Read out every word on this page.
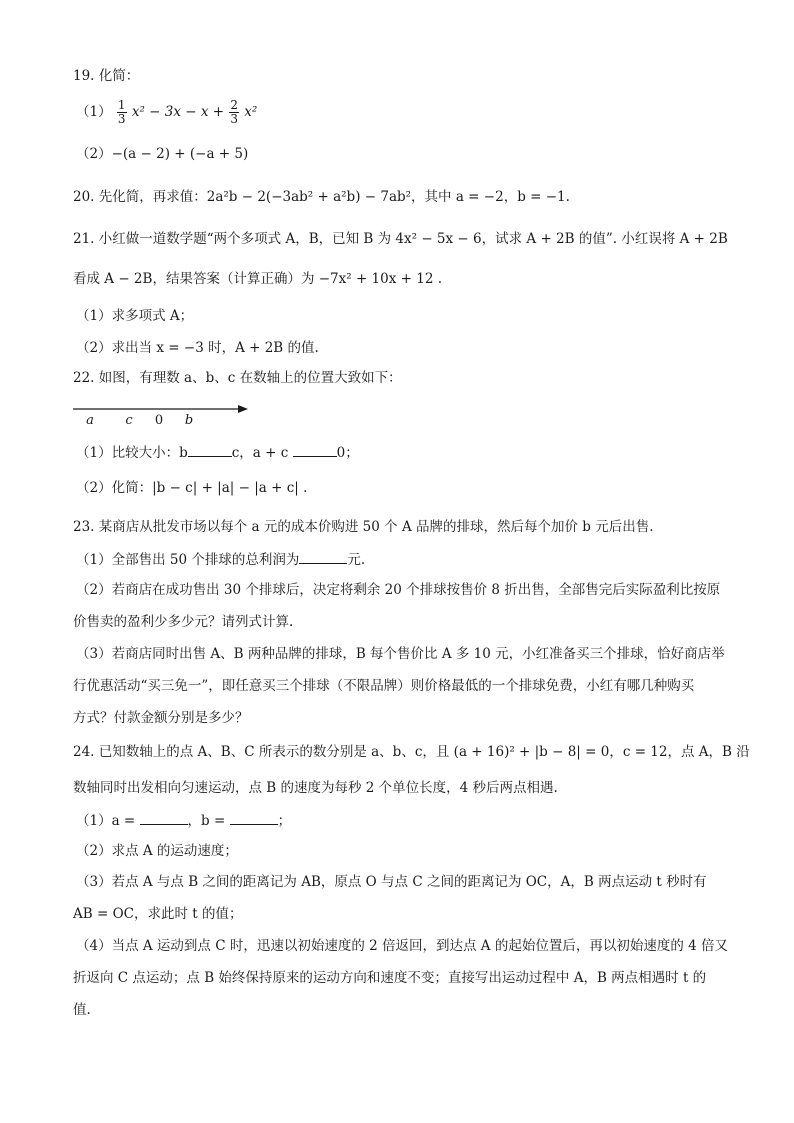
19. 化简：
$(1) \frac{1}{3} x^2 - 3x - x + \frac{2}{3} x^2$
（2）−(a − 2) + (−a + 5)
20. 先化简，再求值：2a²b − 2(−3ab² + a²b) − 7ab²，其中 a = −2，b = −1.
21. 小红做一道数学题“两个多项式 A，B，已知 B 为 4x² − 5x − 6，试求 A + 2B 的值”. 小红误将 A + 2B
看成 A − 2B，结果答案（计算正确）为 −7x² + 10x + 12 .
（1）求多项式 A；
（2）求出当 x = −3 时，A + 2B 的值.
22. 如图，有理数 a、b、c 在数轴上的位置大致如下：
a c 0 b
（1）比较大小：b	c，a + c	0；
（2）化简：|b − c| + |a| − |a + c| .
23. 某商店从批发市场以每个 a 元的成本价购进 50 个 A 品牌的排球，然后每个加价 b 元后出售.
（1）全部售出 50 个排球的总利润为	元.
（2）若商店在成功售出 30 个排球后，决定将剩余 20 个排球按售价 8 折出售，全部售完后实际盈利比按原
价售卖的盈利少多少元？请列式计算.
（3）若商店同时出售 A、B 两种品牌的排球，B 每个售价比 A 多 10 元，小红准备买三个排球，恰好商店举
行优惠活动“买三免一”，即任意买三个排球（不限品牌）则价格最低的一个排球免费，小红有哪几种购买
方式？付款金额分别是多少？
24. 已知数轴上的点 A、B、C 所表示的数分别是 a、b、c，且 (a + 16)² + |b − 8| = 0，c = 12，点 A，B 沿
数轴同时出发相向匀速运动，点 B 的速度为每秒 2 个单位长度，4 秒后两点相遇.
（1）a =	，b =	；
（2）求点 A 的运动速度；
（3）若点 A 与点 B 之间的距离记为 AB，原点 O 与点 C 之间的距离记为 OC，A，B 两点运动 t 秒时有
AB = OC，求此时 t 的值；
（4）当点 A 运动到点 C 时，迅速以初始速度的 2 倍返回，到达点 A 的起始位置后，再以初始速度的 4 倍又
折返向 C 点运动；点 B 始终保持原来的运动方向和速度不变；直接写出运动过程中 A，B 两点相遇时 t 的
值.
